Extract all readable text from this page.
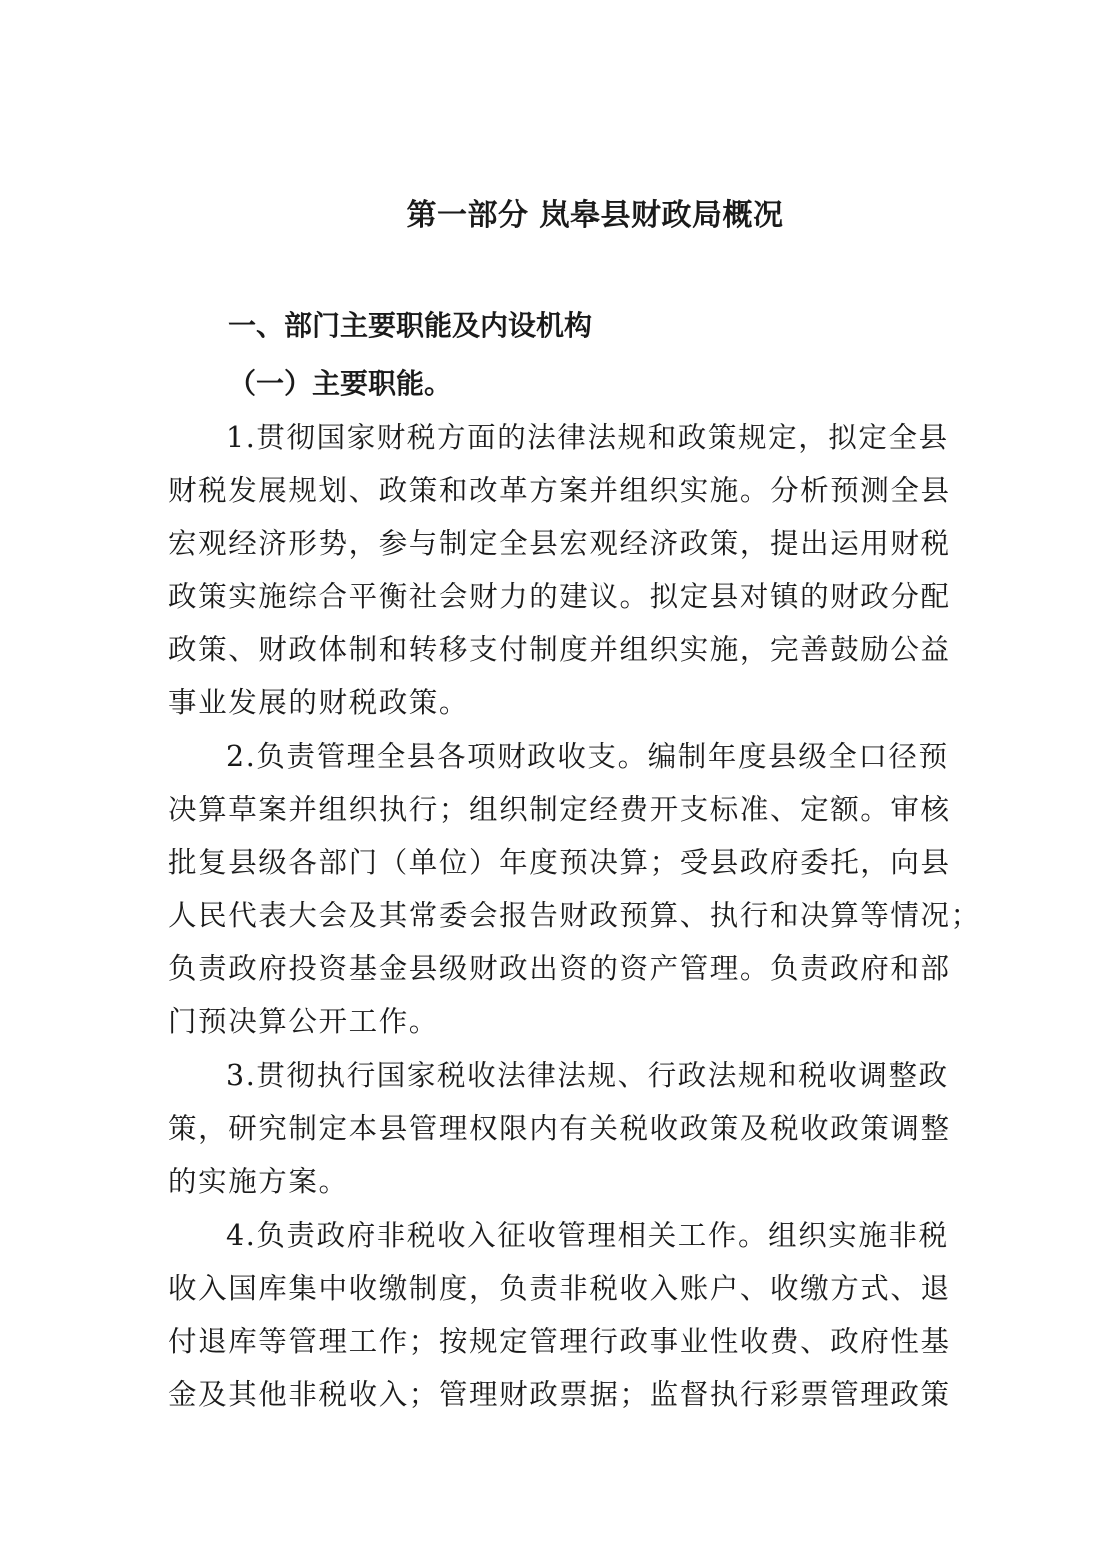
第一部分 岚皋县财政局概况
一、部门主要职能及内设机构
（一）主要职能。
1.贯彻国家财税方面的法律法规和政策规定，拟定全县
财税发展规划、政策和改革方案并组织实施。分析预测全县
宏观经济形势，参与制定全县宏观经济政策，提出运用财税
政策实施综合平衡社会财力的建议。拟定县对镇的财政分配
政策、财政体制和转移支付制度并组织实施，完善鼓励公益
事业发展的财税政策。
2.负责管理全县各项财政收支。编制年度县级全口径预
决算草案并组织执行；组织制定经费开支标准、定额。审核
批复县级各部门（单位）年度预决算；受县政府委托，向县
人民代表大会及其常委会报告财政预算、执行和决算等情况；
负责政府投资基金县级财政出资的资产管理。负责政府和部
门预决算公开工作。
3.贯彻执行国家税收法律法规、行政法规和税收调整政
策，研究制定本县管理权限内有关税收政策及税收政策调整
的实施方案。
4.负责政府非税收入征收管理相关工作。组织实施非税
收入国库集中收缴制度，负责非税收入账户、收缴方式、退
付退库等管理工作；按规定管理行政事业性收费、政府性基
金及其他非税收入；管理财政票据；监督执行彩票管理政策
